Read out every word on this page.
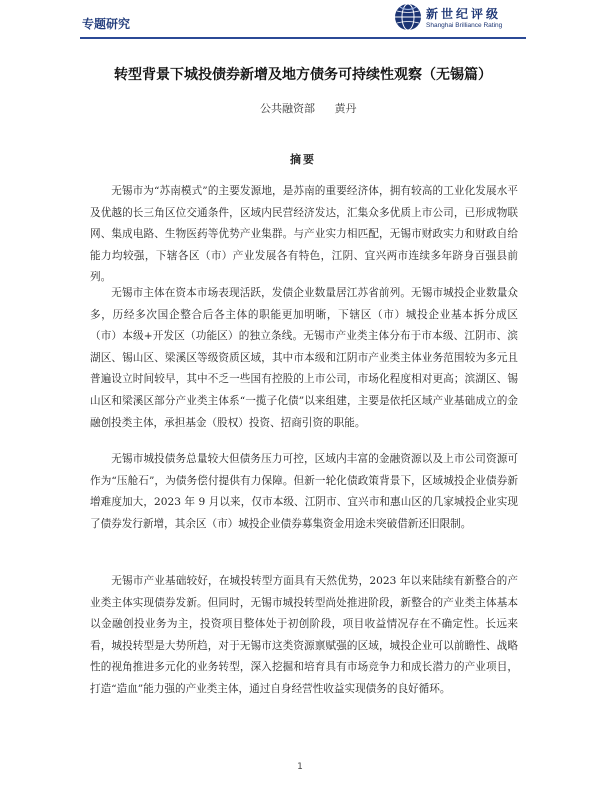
专题研究
新世纪评级
Shanghai Brilliance Rating
转型背景下城投债券新增及地方债务可持续性观察（无锡篇）
公共融资部 黄丹
摘要

无锡市为“苏南模式”的主要发源地，是苏南的重要经济体，拥有较高的工业化发展水平及优越的长三角区位交通条件，区域内民营经济发达，汇集众多优质上市公司，已形成物联网、集成电路、生物医药等优势产业集群。与产业实力相匹配，无锡市财政实力和财政自给能力均较强，下辖各区（市）产业发展各有特色，江阴、宜兴两市连续多年跻身百强县前列。

无锡市主体在资本市场表现活跃，发债企业数量居江苏省前列。无锡市城投企业数量众多，历经多次国企整合后各主体的职能更加明晰，下辖区（市）城投企业基本拆分成区（市）本级+开发区（功能区）的独立条线。无锡市产业类主体分布于市本级、江阴市、滨湖区、锡山区、梁溪区等级资质区域，其中市本级和江阴市产业类主体业务范围较为多元且普遍设立时间较早，其中不乏一些国有控股的上市公司，市场化程度相对更高；滨湖区、锡山区和梁溪区部分产业类主体系“一揽子化债”以来组建，主要是依托区域产业基础成立的金融创投类主体，承担基金（股权）投资、招商引资的职能。

无锡市城投债务总量较大但债务压力可控，区域内丰富的金融资源以及上市公司资源可作为“压舱石”，为债务偿付提供有力保障。但新一轮化债政策背景下，区域城投企业债券新增难度加大，2023 年 9 月以来，仅市本级、江阴市、宜兴市和惠山区的几家城投企业实现了债券发行新增，其余区（市）城投企业债券募集资金用途未突破借新还旧限制。

无锡市产业基础较好，在城投转型方面具有天然优势，2023 年以来陆续有新整合的产业类主体实现债券发新。但同时，无锡市城投转型尚处推进阶段，新整合的产业类主体基本以金融创投业务为主，投资项目整体处于初创阶段，项目收益情况存在不确定性。长远来看，城投转型是大势所趋，对于无锡市这类资源禀赋强的区域，城投企业可以前瞻性、战略性的视角推进多元化的业务转型，深入挖掘和培育具有市场竞争力和成长潜力的产业项目，打造“造血”能力强的产业类主体，通过自身经营性收益实现债务的良好循环。

1
